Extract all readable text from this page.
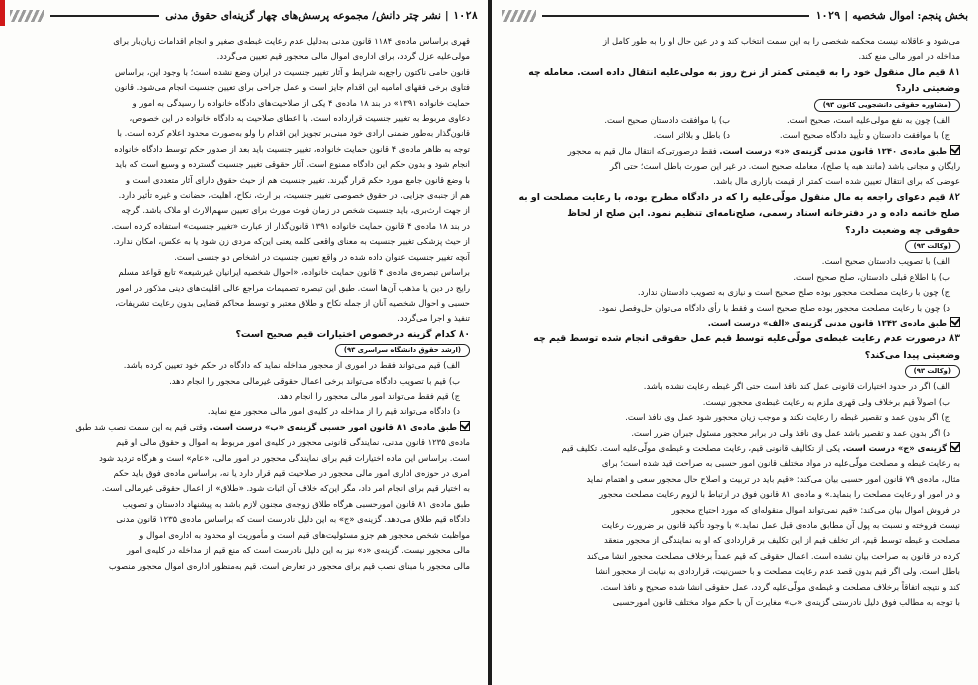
۱۰۲۸
|
نشر چتر دانش/ مجموعه پرسش‌های چهار گزینه‌ای حقوق مدنی
قهری براساس ماده‌ی ۱۱۸۴ قانون مدنی به‌دلیل عدم رعایت غبطه‌ی صغیر و انجام اقدامات زیان‌بار برای
مولی‌علیه عزل گردد، برای اداره‌ی اموال مالی محجور قیم تعیین می‌گردد.
قانون حامی ناکتون راجع‌به شرایط و آثار تغییر جنسیت در ایران وضع نشده است؛ با وجود این، براساس
فتاوی برخی فقهای امامیه این اقدام جایز است و عمل جراحی برای تعیین جنسیت انجام می‌شود. قانون
حمایت خانواده ۱۳۹۱» در بند ۱۸ ماده‌ی ۴ یکی از صلاحیت‌های دادگاه خانواده را رسیدگی به امور و
دعاوی مربوط به تغییر جنسیت قرارداده است. با اعطای صلاحیت به دادگاه خانواده در این خصوص،
قانون‌گذار به‌طور ضمنی ارادی خود مبنی‌بر تجویز این اقدام را ولو به‌صورت محدود اعلام کرده است. با
توجه به ظاهر ماده‌ی ۴ قانون حمایت خانواده، تغییر جنسیت باید بعد از صدور حکم توسط دادگاه خانواده
انجام شود و بدون حکم این دادگاه ممنوع است. آثار حقوقی تغییر جنسیت گسترده و وسیع است که باید
با وضع قانون جامع مورد حکم قرار گیرند. تغییر جنسیت هم از حیث حقوق دارای آثار متعددی است و
هم از جنبه‌ی جزایی. در حقوق خصوصی تغییر جنسیت، بر ارث، نکاح، اهلیت، حضانت و غیره تأثیر دارد.
از جهت ارث‌بری، باید جنسیت شخص در زمان فوت مورث برای تعیین سهم‌الارث او ملاک باشد. گرچه
در بند ۱۸ ماده‌ی ۴ قانون حمایت خانواده ۱۳۹۱ قانون‌گذار از عبارت «تغییر جنسیت» استفاده کرده است.
از حیث پزشکی تغییر جنسیت به معنای واقعی کلمه یعنی این‌که مردی زن شود یا به عکس، امکان ندارد.
آنچه تغییر جنسیت عنوان داده شده در واقع تعیین جنسیت در اشخاص دو جنسی است.
براساس تبصره‌ی ماده‌ی ۴ قانون حمایت خانواده، «احوال شخصیه ایرانیان غیرشیعه» تابع قواعد مسلم
رایج در دین یا مذهب آن‌ها است. طبق این تبصره تصمیمات مراجع عالی اقلیت‌های دینی مذکور در امور
حسبی و احوال شخصیه آنان از جمله نکاح و طلاق معتبر و توسط محاکم قضایی بدون رعایت تشریفات،
تنفیذ و اجرا می‌گردد.
۸۰کدام گزینه درخصوص اختیارات قیم صحیح است؟
(ارشد حقوق دانشگاه سراسری ۹۳)
الف) قیم می‌تواند فقط در اموری از محجور مداخله نماید که دادگاه در حکم خود تعیین کرده باشد.
ب) قیم با تصویب دادگاه می‌تواند برخی اعمال حقوقی غیرمالی محجور را انجام دهد.
ج) قیم فقط می‌تواند امور مالی محجور را انجام دهد.
د) دادگاه می‌تواند قیم را از مداخله در کلیه‌ی امور مالی محجور منع نماید.
طبق ماده‌ی ۸۱ قانون امور حسبی گزینه‌ی «ب» درست است. وقتی قیم به این سمت نصب شد طبق
ماده‌ی ۱۲۳۵ قانون مدنی، نمایندگی قانونی محجور در کلیه‌ی امور مربوط به اموال و حقوق مالی او قیم
است. براساس این ماده اختیارات قیم برای نمایندگی محجور در امور مالی، «عام» است و هرگاه تردید شود
امری در حوزه‌ی اداری امور مالی محجور در صلاحیت قیم قرار دارد یا نه، براساس ماده‌ی فوق باید حکم
به اختیار قیم برای انجام امر داد، مگر این‌که خلاف آن اثبات شود. «طلاق» از اعمال حقوقی غیرمالی است.
طبق ماده‌ی ۸۱ قانون امورحسبی هرگاه طلاق زوجه‌ی مجنون لازم باشد به پیشنهاد دادستان و تصویب
دادگاه قیم طلاق می‌دهد. گزینه‌ی «ج» به این دلیل نادرست است که براساس ماده‌ی ۱۲۳۵ قانون مدنی
مواظبت شخص محجور هم جزو مسئولیت‌های قیم است و مأموریت او محدود به اداره‌ی اموال و
مالی محجور نیست. گزینه‌ی «د» نیز به این دلیل نادرست است که منع قیم از مداخله در کلیه‌ی امور
مالی محجور با مبنای نصب قیم برای محجور در تعارض است. قیم به‌منظور اداره‌ی اموال محجور منصوب
بخش پنجم: اموال شخصیه
|
۱۰۲۹
می‌شود و عاقلانه نیست محکمه شخصی را به این سمت انتخاب کند و در عین حال او را به طور کامل از
مداخله در امور مالی منع کند.
۸۱قیم مال منقول خود را به قیمتی کمتر از نرخ روز به مولی‌علیه انتقال داده است. معامله چه
وضعیتی دارد؟
(مشاوره حقوقی دانشجویی کانون ۹۳)
الف) چون به نفع مولی‌علیه است، صحیح است.
ب) با موافقت دادستان صحیح است.
ج) با موافقت دادستان و تأیید دادگاه صحیح است.
د) باطل و بلااثر است.
طبق ماده‌ی ۱۲۴۰ قانون مدنی گزینه‌ی «د» درست است. فقط درصورتی‌که انتقال مال قیم به محجور
رایگان و مجانی باشد (مانند هبه یا صلح)، معامله صحیح است. در غیر این صورت باطل است؛ حتی اگر
عوضی که برای انتقال تعیین شده است کمتر از قیمت بازاری مال باشد.
۸۲قیم دعوای راجعه به مال منقول مولّی‌علیه را که در دادگاه مطرح بوده، با رعایت مصلحت او به
صلح خاتمه داده و در دفترخانه اسناد رسمی، صلح‌نامه‌ای تنظیم نمود. این صلح از لحاظ
حقوقی چه وضعیت دارد؟
(وکالت ۹۳)
الف) با تصویب دادستان صحیح است.
ب) با اطلاع قبلی دادستان، صلح صحیح است.
ج) چون با رعایت مصلحت محجور بوده صلح صحیح است و نیازی به تصویب دادستان ندارد.
د) چون با رعایت مصلحت محجور بوده صلح صحیح است و فقط با رأی دادگاه می‌توان حل‌وفصل نمود.
طبق ماده‌ی ۱۲۴۲ قانون مدنی گزینه‌ی «الف» درست است.
۸۳درصورت عدم رعایت غبطه‌ی مولّی‌علیه توسط قیم عمل حقوقی انجام شده توسط قیم چه
وضعیتی پیدا می‌کند؟
(وکالت ۹۳)
الف) اگر در حدود اختیارات قانونی عمل کند نافذ است حتی اگر غبطه رعایت نشده باشد.
ب) اصولاً قیم برخلاف ولی قهری ملزم به رعایت غبطه‌ی محجور نیست.
ج) اگر بدون عمد و تقصیر غبطه را رعایت نکند و موجب زیان محجور شود عمل وی نافذ است.
د) اگر بدون عمد و تقصیر باشد عمل وی نافذ ولی در برابر محجور مسئول جبران ضرر است.
گزینه‌ی «ج» درست است. یکی از تکالیف قانونی قیم، رعایت مصلحت و غبطه‌ی مولّی‌علیه است. تکلیف قیم
به رعایت غبطه و مصلحت مولّی‌علیه در مواد مختلف قانون امور حسبی به صراحت قید شده است؛ برای
مثال، ماده‌ی ۷۹ قانون امور حسبی بیان می‌کند: «قیم باید در تربیت و اصلاح حال محجور سعی و اهتمام نماید
و در امور او رعایت مصلحت را بنماید.» و ماده‌ی ۸۱ قانون فوق در ارتباط با لزوم رعایت مصلحت محجور
در فروش اموال بیان می‌کند: «قیم نمی‌تواند اموال منقوله‌ای که مورد احتیاج محجور
نیست فروخته و نسبت به پول آن مطابق ماده‌ی قبل عمل نماید.» با وجود تأکید قانون بر ضرورت رعایت
مصلحت و غبطه توسط قیم، اثر تخلف قیم از این تکلیف بر قراردادی که او به نمایندگی از محجور منعقد
کرده در قانون به صراحت بیان نشده است. اعمال حقوقی که قیم عمداً برخلاف مصلحت محجور انشا می‌کند
باطل است. ولی اگر قیم بدون قصد عدم رعایت مصلحت و با حسن‌نیت، قراردادی به نیابت از محجور انشا
کند و نتیجه اتفاقاً برخلاف مصلحت و غبطه‌ی مولّی‌علیه گردد، عمل حقوقی انشا شده صحیح و نافذ است.
با توجه به مطالب فوق دلیل نادرستی گزینه‌ی «ب» مغایرت آن با حکم مواد مختلف قانون امورحسبی
